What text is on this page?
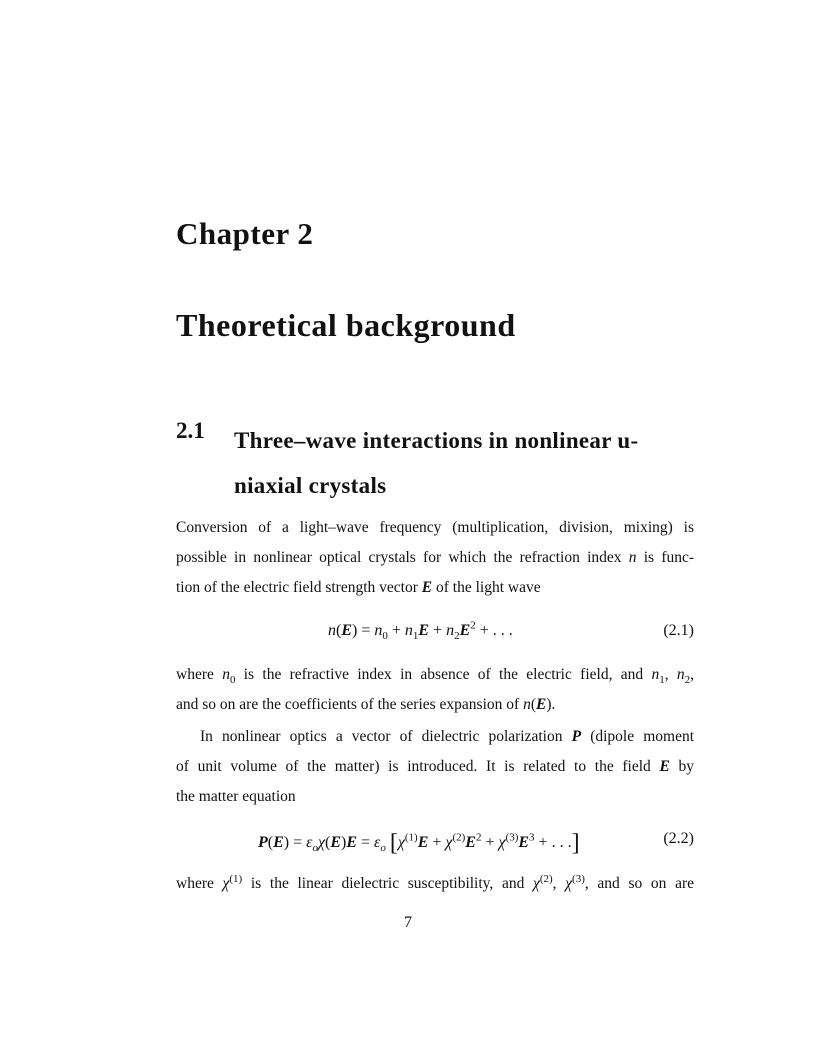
Chapter 2
Theoretical background
2.1 Three–wave interactions in nonlinear u-
niaxial crystals
Conversion of a light–wave frequency (multiplication, division, mixing) is
possible in nonlinear optical crystals for which the refraction index n is func-
tion of the electric field strength vector E of the light wave
$n(E) = n_0 + n_1E + n_2E^2$ + . . .	(2.1)
where $n_0$ is the refractive index in absence of the electric field, and $n_1$, $n_2$,
and so on are the coefficients of the series expansion of n(E).
In nonlinear optics a vector of dielectric polarization P (dipole moment
of unit volume of the matter) is introduced. It is related to the field E by
the matter equation
$P(E) = \varepsilon_o\chi(E)E = \varepsilon_o$ [$\chi^{(1)}E + \chi^{(2)}E^2 + \chi^{(3)}E^3$ + . . .]	(2.2)
where $\chi^{(1)}$ is the linear dielectric susceptibility, and $\chi^{(2)}$, $\chi^{(3)}$, and so on are
7
